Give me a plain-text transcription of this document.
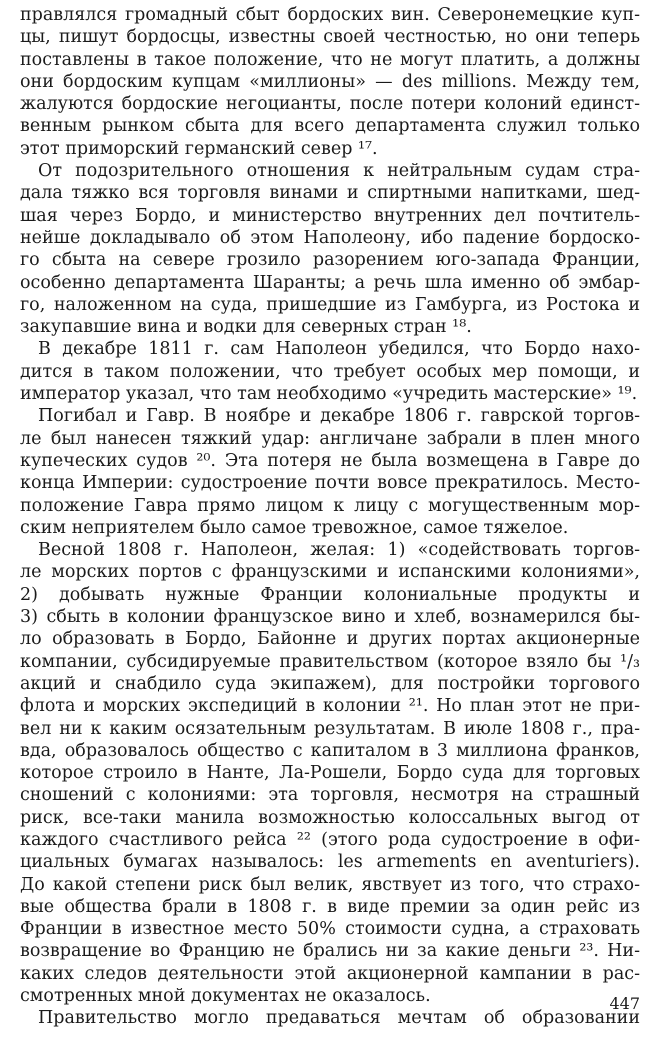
правлялся громадный сбыт бордоских вин. Северонемецкие куп-
цы, пишут бордосцы, известны своей честностью, но они теперь
поставлены в такое положение, что не могут платить, а должны
они бордоским купцам «миллионы» — des millions. Между тем,
жалуются бордоские негоцианты, после потери колоний единст-
венным рынком сбыта для всего департамента служил только
этот приморский германский север ¹⁷.
От подозрительного отношения к нейтральным судам стра-
дала тяжко вся торговля винами и спиртными напитками, шед-
шая через Бордо, и министерство внутренних дел почтитель-
нейше докладывало об этом Наполеону, ибо падение бордоско-
го сбыта на севере грозило разорением юго-запада Франции,
особенно департамента Шаранты; а речь шла именно об эмбар-
го, наложенном на суда, пришедшие из Гамбурга, из Ростока и
закупавшие вина и водки для северных стран ¹⁸.
В декабре 1811 г. сам Наполеон убедился, что Бордо нахо-
дится в таком положении, что требует особых мер помощи, и
император указал, что там необходимо «учредить мастерские» ¹⁹.
Погибал и Гавр. В ноябре и декабре 1806 г. гаврской торгов-
ле был нанесен тяжкий удар: англичане забрали в плен много
купеческих судов ²⁰. Эта потеря не была возмещена в Гавре до
конца Империи: судостроение почти вовсе прекратилось. Место-
положение Гавра прямо лицом к лицу с могущественным мор-
ским неприятелем было самое тревожное, самое тяжелое.
Весной 1808 г. Наполеон, желая: 1) «содействовать торгов-
ле морских портов с французскими и испанскими колониями»,
2) добывать нужные Франции колониальные продукты и
3) сбыть в колонии французское вино и хлеб, вознамерился бы-
ло образовать в Бордо, Байонне и других портах акционерные
компании, субсидируемые правительством (которое взяло бы ¹/₃
акций и снабдило суда экипажем), для постройки торгового
флота и морских экспедиций в колонии ²¹. Но план этот не при-
вел ни к каким осязательным результатам. В июле 1808 г., пра-
вда, образовалось общество с капиталом в 3 миллиона франков,
которое строило в Нанте, Ла-Рошели, Бордо суда для торговых
сношений с колониями: эта торговля, несмотря на страшный
риск, все-таки манила возможностью колоссальных выгод от
каждого счастливого рейса ²² (этого рода судостроение в офи-
циальных бумагах называлось: les armements en aventuriers).
До какой степени риск был велик, явствует из того, что страхо-
вые общества брали в 1808 г. в виде премии за один рейс из
Франции в известное место 50% стоимости судна, а страховать
возвращение во Францию не брались ни за какие деньги ²³. Ни-
каких следов деятельности этой акционерной кампании в рас-
смотренных мной документах не оказалось.
Правительство могло предаваться мечтам об образовании
447
